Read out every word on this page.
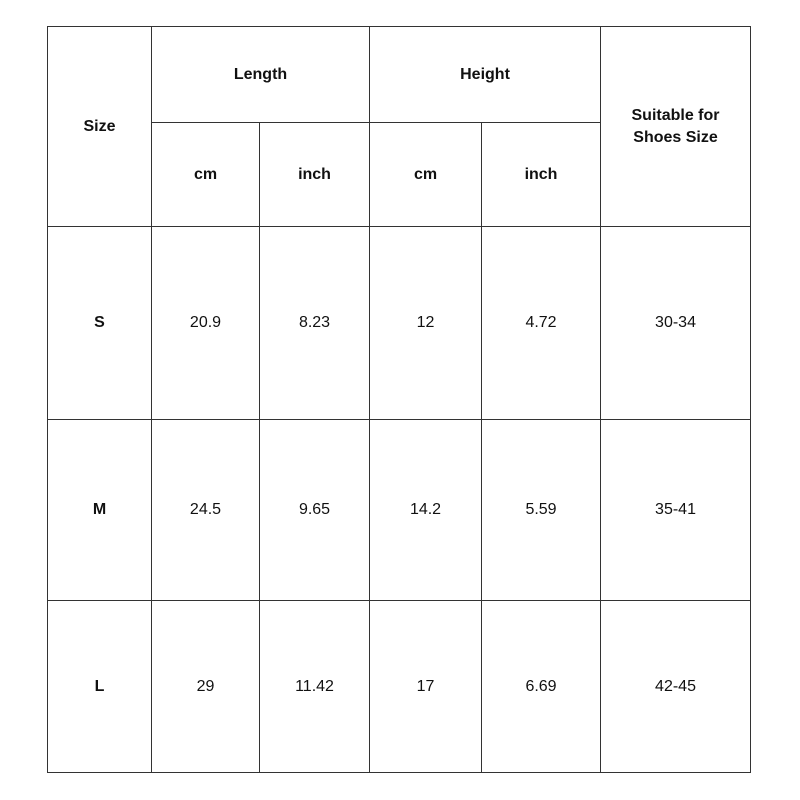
Size	Length		Height		Suitable for
Shoes Size
	cm	inch	cm	inch	
S	20.9	8.23	12	4.72	30-34
M	24.5	9.65	14.2	5.59	35-41
L	29	11.42	17	6.69	42-45
